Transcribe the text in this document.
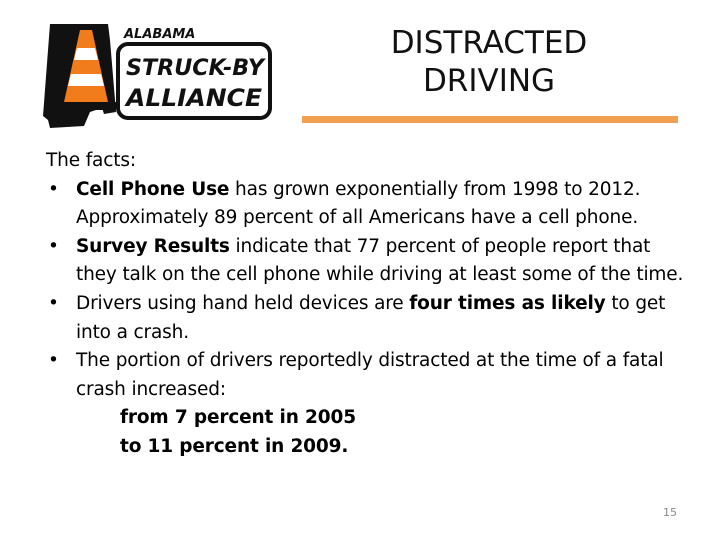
ALABAMA
STRUCK-BY
ALLIANCE
DISTRACTED
DRIVING

The facts:

• Cell Phone Use has grown exponentially from 1998 to 2012. Approximately 89 percent of all Americans have a cell phone.
• Survey Results indicate that 77 percent of people report that they talk on the cell phone while driving at least some of the time.
• Drivers using hand held devices are four times as likely to get into a crash.
• The portion of drivers reportedly distracted at the time of a fatal crash increased:
from 7 percent in 2005
to 11 percent in 2009.
15
